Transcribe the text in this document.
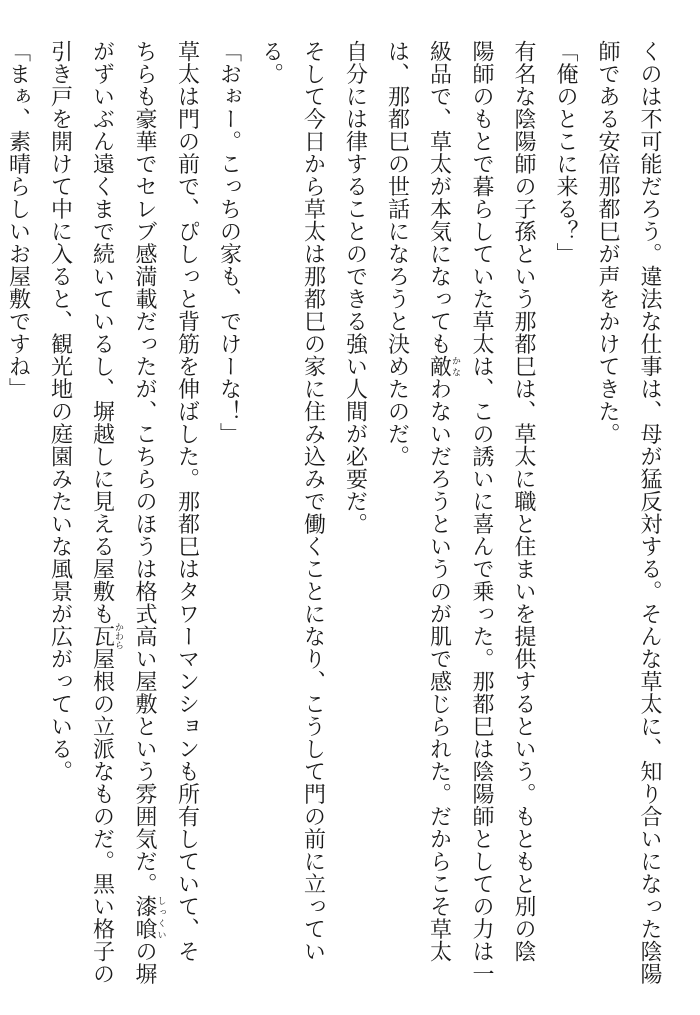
くのは不可能だろう。違法な仕事は、母が猛反対する。そんな草太に、知り合いになった陰陽
師である安倍那都巳が声をかけてきた。
「俺のとこに来る？」
有名な陰陽師の子孫という那都巳は、草太に職と住まいを提供するという。もともと別の陰
陽師のもとで暮らしていた草太は、この誘いに喜んで乗った。那都巳は陰陽師としての力は一
級品で、草太が本気になっても敵かなわないだろうというのが肌で感じられた。だからこそ草太
は、那都巳の世話になろうと決めたのだ。
自分には律することのできる強い人間が必要だ。
そして今日から草太は那都巳の家に住み込みで働くことになり、こうして門の前に立ってい
る。
「おぉー。こっちの家も、でけーな！」
草太は門の前で、ぴしっと背筋を伸ばした。那都巳はタワーマンションも所有していて、そ
ちらも豪華でセレブ感満載だったが、こちらのほうは格式高い屋敷という雰囲気だ。漆喰しっくいの塀
がずいぶん遠くまで続いているし、塀越しに見える屋敷も瓦かわら屋根の立派なものだ。黒い格子の
引き戸を開けて中に入ると、観光地の庭園みたいな風景が広がっている。
「まぁ、素晴らしいお屋敷ですね」
